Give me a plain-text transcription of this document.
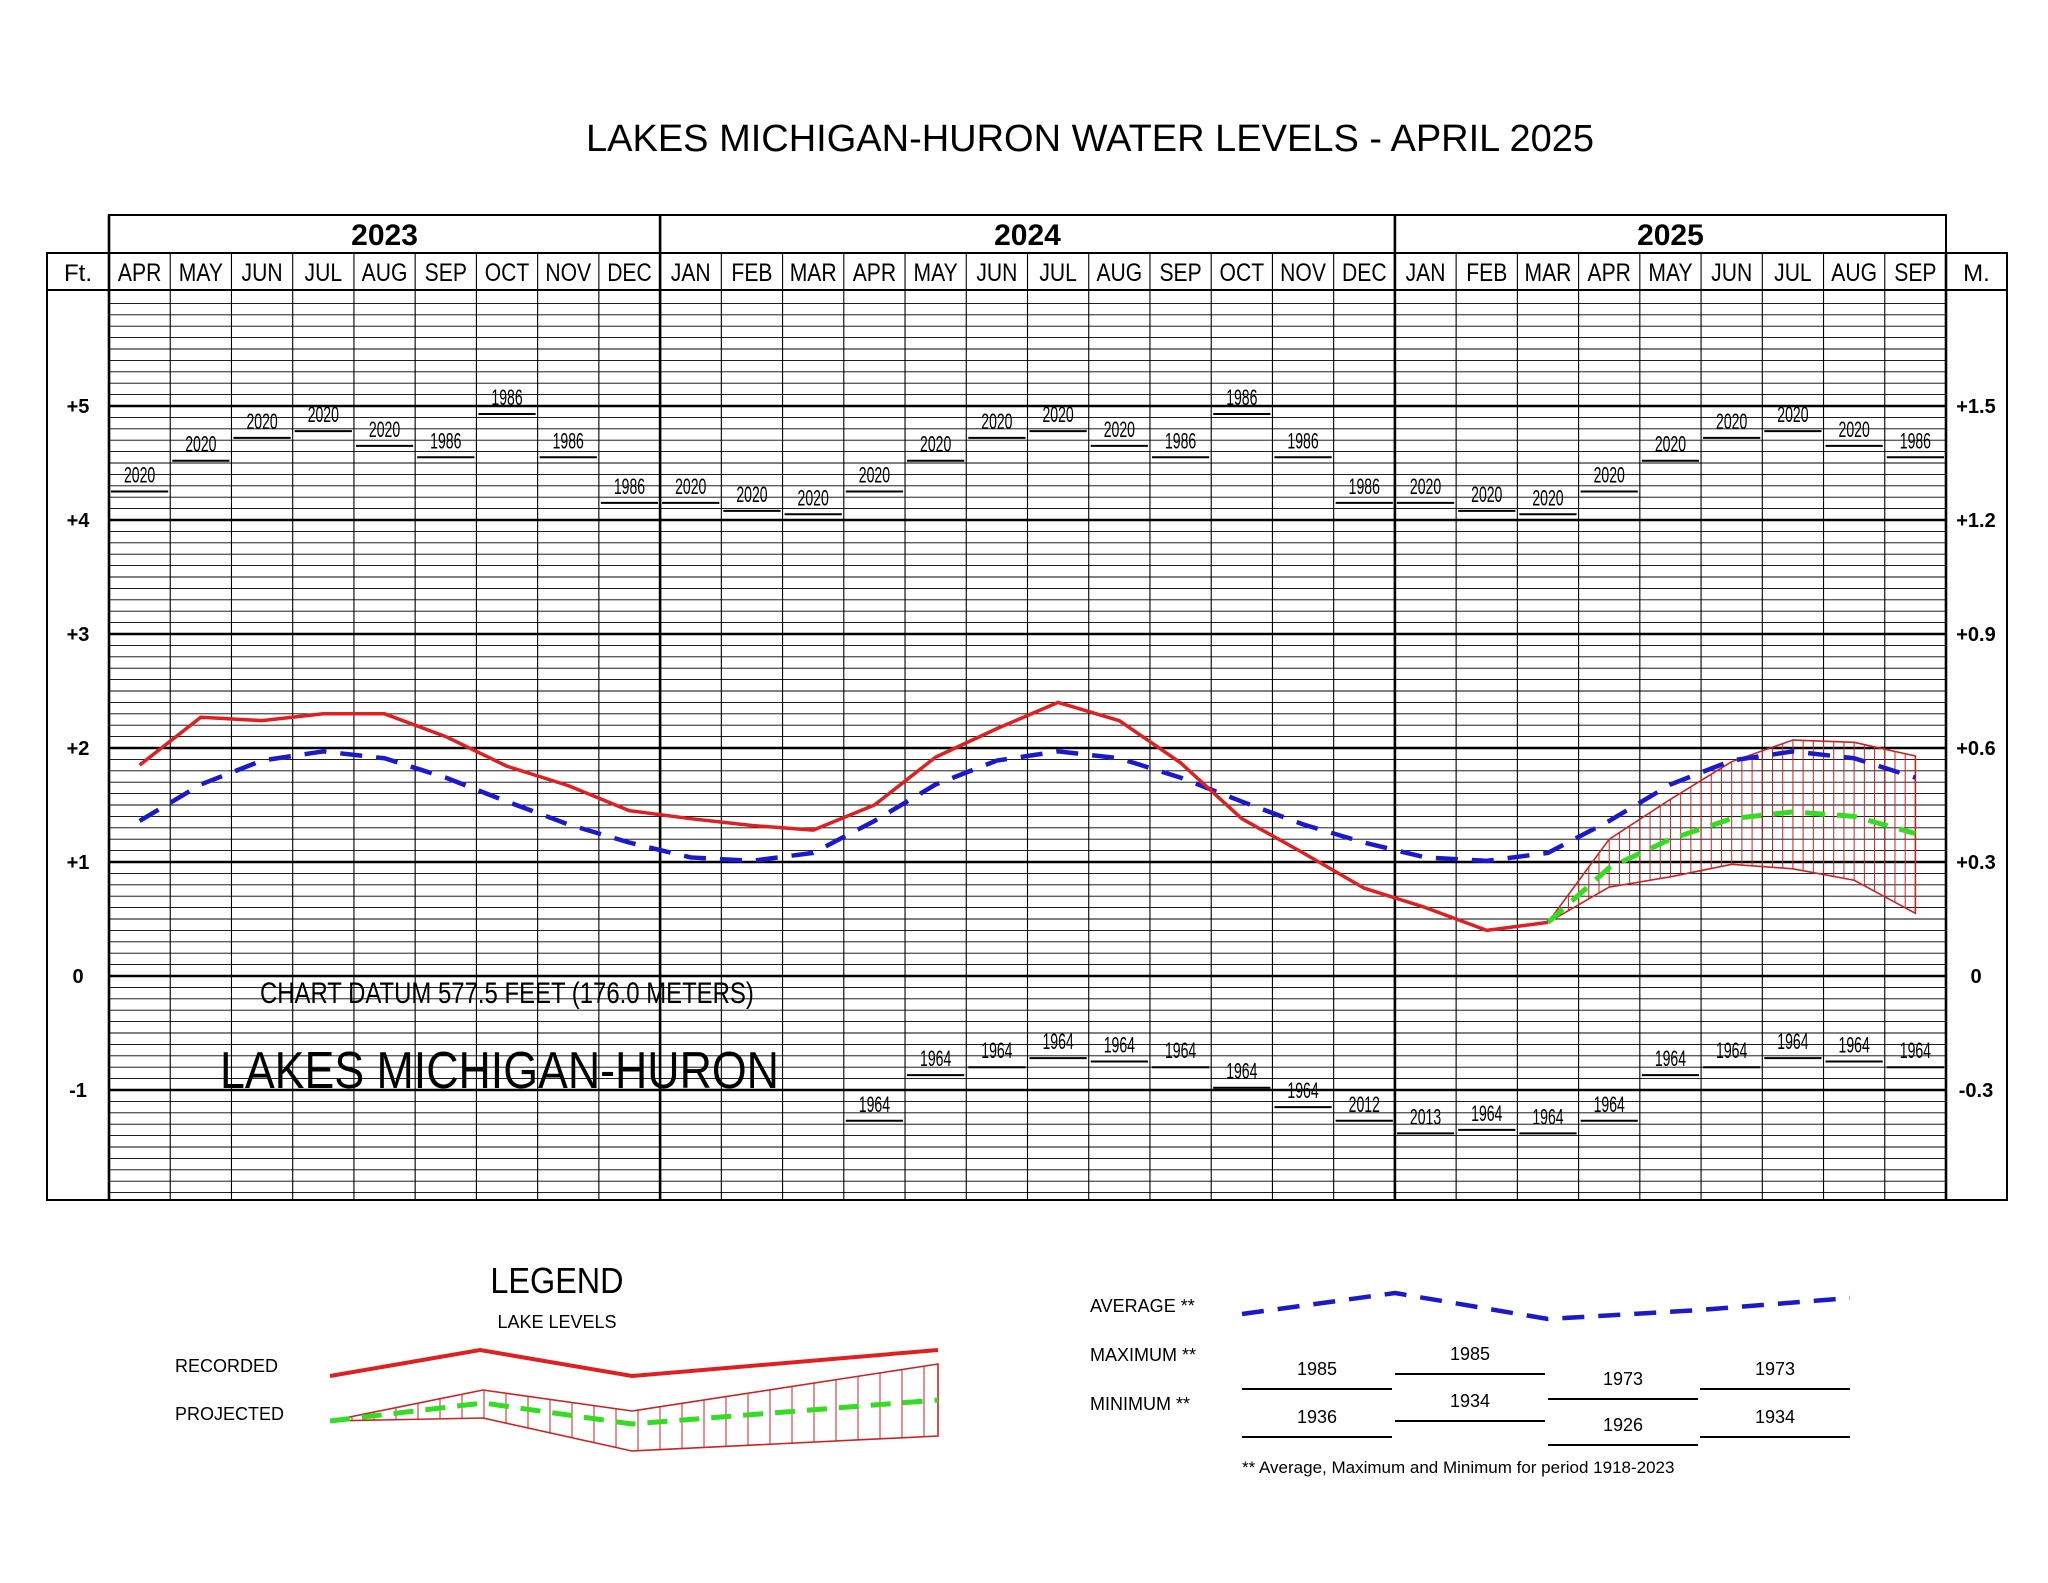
LAKES MICHIGAN-HURON WATER LEVELS - APRIL 2025
2023	2024	2025
APR MAY JUN JUL AUG SEP OCT NOV DEC JAN FEB MAR APR MAY JUN JUL AUG SEP OCT NOV DEC JAN FEB MAR APR MAY JUN JUL AUG SEP
Ft.	M.
+5
+4
+3
+2
+1
0
-1
+1.5
+1.2
+0.9
+0.6
+0.3
0
-0.3
2020
2020
2020 2020
2020 1986
1986
1986
1986 2020 2020 2020
2020
2020
2020 2020
2020 1986
1986
1986
1986 2020 2020 2020
2020
2020
2020 2020
2020 1986
1964
1964 1964 1964 1964 1964
1964
1964
2012 2013 1964 1964 1964
1964 1964 1964 1964 1964
CHART DATUM 577.5 FEET (176.0 METERS)
LAKES MICHIGAN-HURON
LEGEND
LAKE LEVELS
RECORDED
PROJECTED
AVERAGE **
MAXIMUM **
MINIMUM **
** Average, Maximum and Minimum for period 1918-2023
1985
1936
1985
1934
1973
1926
1973
1934
